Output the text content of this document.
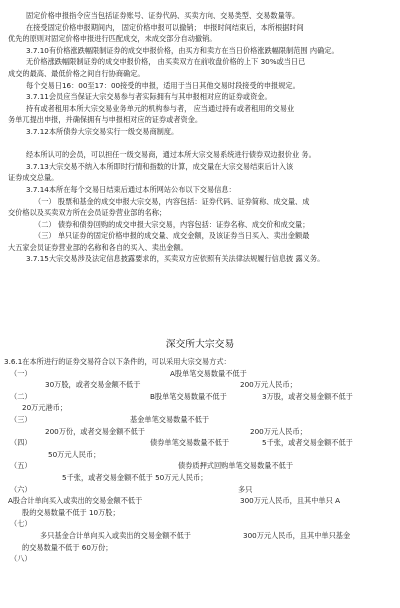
固定价格申报指令应当包括证券账号、证券代码、买卖方向、交易类型、交易数量等。

在接受固定价格申报期间内， 固定价格申报可以撤销； 申报时间结束后，本所根据时间

优先的原则对固定价格申报进行匹配成交，未成交部分自动撤销。

3.7.10有价格涨跌幅限制证券的成交申报价格，由买方和卖方在当日价格涨跌幅限制范围 内确定。

无价格涨跌幅限制证券的成交申报价格， 由买卖双方在前收盘价格的上下 30%或当日已

成交的最高、最低价格之间自行协商确定。

每个交易日16：00至17：00接受的申报，适用于当日其他交易时段接受的申报规定。

3.7.11会员应当保证大宗交易参与者实际拥有与其申报相对应的证券或资金。

持有或者租用本所大宗交易业务单元的机构参与者， 应当通过持有或者租用的交易业

务单兀提出申报，并确保拥有与申报相对应的证券或者资金。

3.7.12本所债券大宗交易实行一级交易商制度。

经本所认可的会员，可以担任一级交易商，通过本所大宗交易系统进行债券双边报价业 务。

3.7.13大宗交易不纳入本所即时行情和指数的计算，成交量在大宗交易结束后计入该

证券成交总量。

3.7.14本所在每个交易日结束后通过本所网站公布以下交易信息：

（一） 股票和基金的成交申报大宗交易，内容包括：证券代码、证券简称、成交量、成

交价格以及买卖双方所在会员证券营业部的名称；

（二） 债券和债券回购的成交申报大宗交易，内容包括：证券名称、成交价和成交量；

（三） 单只证券的固定价格申报的成交量、成交金额，及该证券当日买入、卖出金额最

大五家会员证券营业部的名称和各自的买入、卖出金额。

3.7.15大宗交易涉及法定信息披露要求的，买卖双方应依照有关法律法规履行信息披 露义务。

深交所大宗交易

3.6.1在本所进行的证券交易符合以下条件的，可以采用大宗交易方式：

（一）	A股单笔交易数量不低于
30万股，或者交易金额不低于	200万元人民币；
（二）	B股单笔交易数量不低于	3万股，或者交易金额不低于
20万元港币；
（三）	基金单笔交易数量不低于
200万份，或者交易金额不低于	200万元人民币；
（四）	债券单笔交易数量不低于	5千张，或者交易金额不低于
50万元人民币；
（五）	债券质押式回购单笔交易数量不低于
5千张，或者交易金额不低于 50万元人民币；
（六）	多只
A股合计单向买入或卖出的交易金额不低于	300万元人民币，且其中单只 A
股的交易数量不低于 10万股；
（七）
多只基金合计单向买入或卖出的交易金额不低于	300万元人民币，且其中单只基金
的交易数量不低于 60万份；
（八）
